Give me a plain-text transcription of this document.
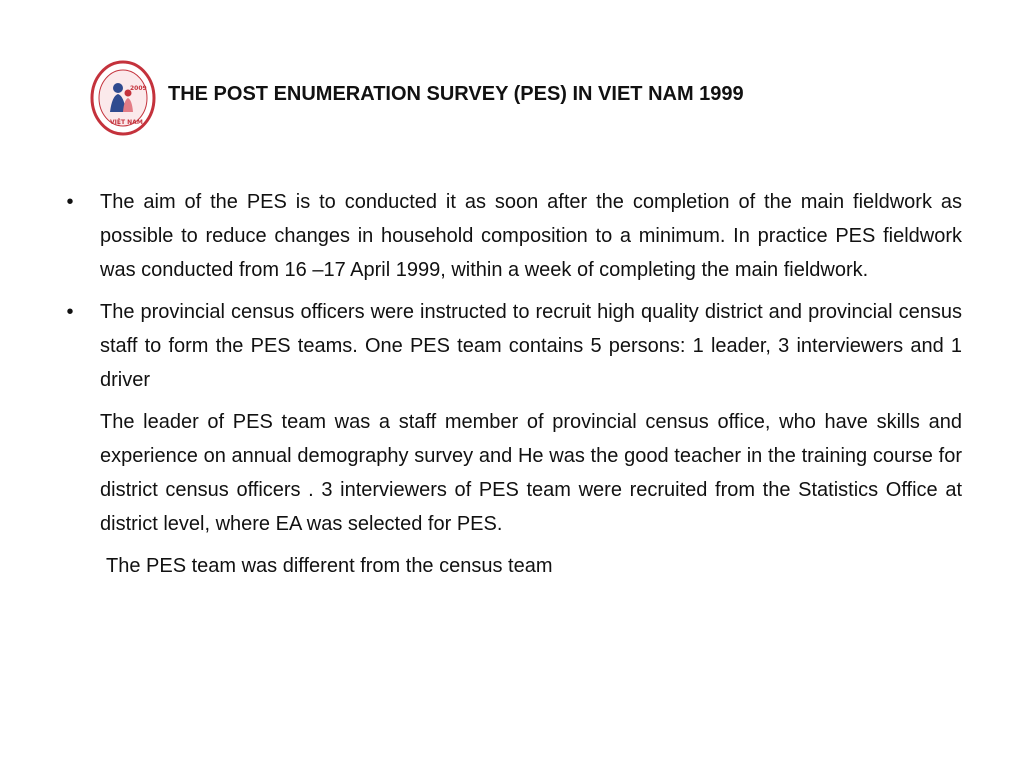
2009
VIỆT NAM
THE POST ENUMERATION SURVEY (PES) IN VIET NAM 1999
•	The aim of the PES is to conducted it as soon after the completion of the main fieldwork as possible to reduce changes in household composition to a minimum. In practice PES fieldwork was conducted from 16 –17 April 1999, within a week of completing the main fieldwork.
•	The provincial census officers were instructed to recruit high quality district and provincial census staff to form the PES teams. One PES team contains 5 persons: 1 leader, 3 interviewers and 1 driver
The leader of PES team was a staff member of provincial census office, who have skills and experience on annual demography survey and He was the good teacher in the training course for district census officers . 3 interviewers of PES team were recruited from the Statistics Office at district level, where EA was selected for PES.
The PES team was different from the census team
